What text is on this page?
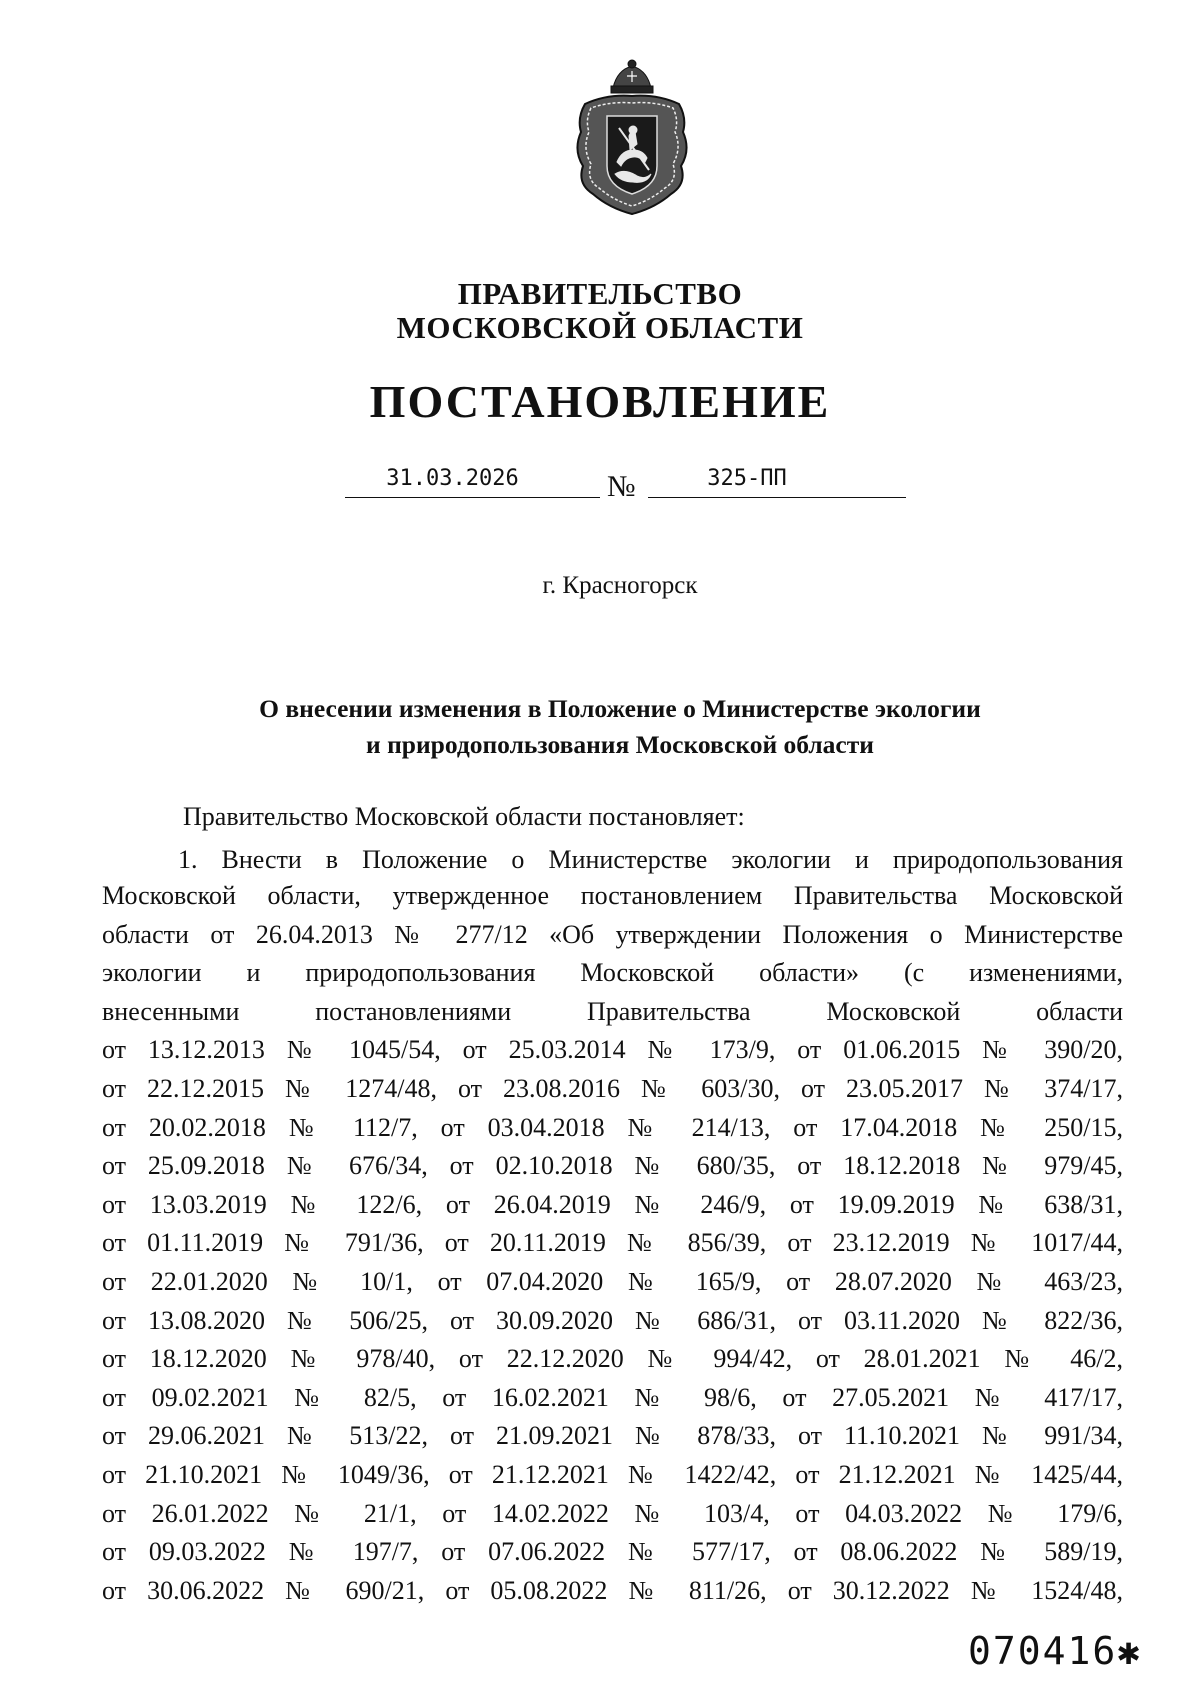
ПРАВИТЕЛЬСТВО
МОСКОВСКОЙ ОБЛАСТИ
ПОСТАНОВЛЕНИЕ
31.03.2026	№	325-ПП
г. Красногорск
О внесении изменения в Положение о Министерстве экологии
и природопользования Московской области
Правительство Московской области постановляет:
1. Внести в Положение о Министерстве экологии и природопользования
Московской области, утвержденное постановлением Правительства Московской
области от 26.04.2013 № 277/12 «Об утверждении Положения о Министерстве
экологии и природопользования Московской области» (с изменениями,
внесенными постановлениями Правительства Московской области
от 13.12.2013 № 1045/54, от 25.03.2014 № 173/9, от 01.06.2015 № 390/20,
от 22.12.2015 № 1274/48, от 23.08.2016 № 603/30, от 23.05.2017 № 374/17,
от 20.02.2018 № 112/7, от 03.04.2018 № 214/13, от 17.04.2018 № 250/15,
от 25.09.2018 № 676/34, от 02.10.2018 № 680/35, от 18.12.2018 № 979/45,
от 13.03.2019 № 122/6, от 26.04.2019 № 246/9, от 19.09.2019 № 638/31,
от 01.11.2019 № 791/36, от 20.11.2019 № 856/39, от 23.12.2019 № 1017/44,
от 22.01.2020 № 10/1, от 07.04.2020 № 165/9, от 28.07.2020 № 463/23,
от 13.08.2020 № 506/25, от 30.09.2020 № 686/31, от 03.11.2020 № 822/36,
от 18.12.2020 № 978/40, от 22.12.2020 № 994/42, от 28.01.2021 № 46/2,
от 09.02.2021 № 82/5, от 16.02.2021 № 98/6, от 27.05.2021 № 417/17,
от 29.06.2021 № 513/22, от 21.09.2021 № 878/33, от 11.10.2021 № 991/34,
от 21.10.2021 № 1049/36, от 21.12.2021 № 1422/42, от 21.12.2021 № 1425/44,
от 26.01.2022 № 21/1, от 14.02.2022 № 103/4, от 04.03.2022 № 179/6,
от 09.03.2022 № 197/7, от 07.06.2022 № 577/17, от 08.06.2022 № 589/19,
от 30.06.2022 № 690/21, от 05.08.2022 № 811/26, от 30.12.2022 № 1524/48,
070416✱
